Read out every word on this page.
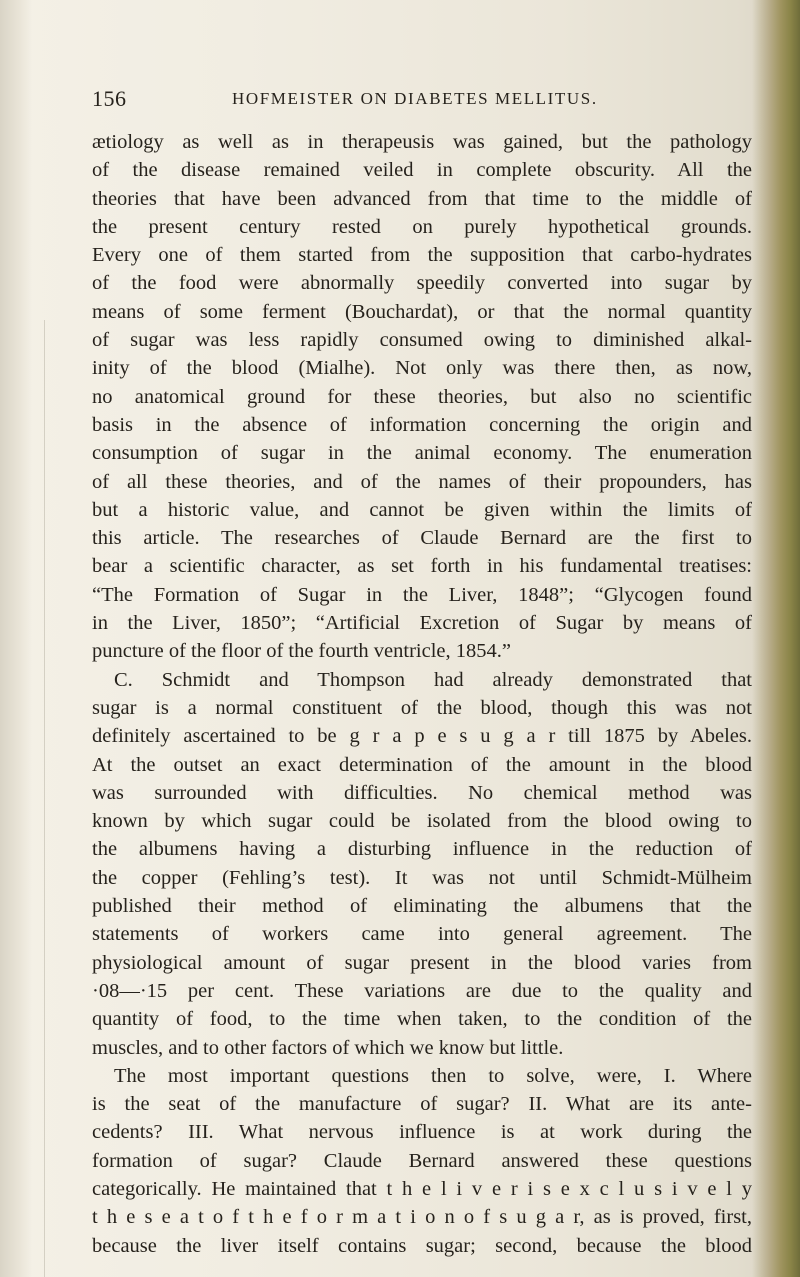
156	HOFMEISTER ON DIABETES MELLITUS.
ætiology as well as in therapeusis was gained, but the pathology
of the disease remained veiled in complete obscurity. All the
theories that have been advanced from that time to the middle of
the present century rested on purely hypothetical grounds.
Every one of them started from the supposition that carbo-hydrates
of the food were abnormally speedily converted into sugar by
means of some ferment (Bouchardat), or that the normal quantity
of sugar was less rapidly consumed owing to diminished alkal-
inity of the blood (Mialhe). Not only was there then, as now,
no anatomical ground for these theories, but also no scientific
basis in the absence of information concerning the origin and
consumption of sugar in the animal economy. The enumeration
of all these theories, and of the names of their propounders, has
but a historic value, and cannot be given within the limits of
this article. The researches of Claude Bernard are the first to
bear a scientific character, as set forth in his fundamental treatises:
“The Formation of Sugar in the Liver, 1848”; “Glycogen found
in the Liver, 1850”; “Artificial Excretion of Sugar by means of
puncture of the floor of the fourth ventricle, 1854.”
C. Schmidt and Thompson had already demonstrated that
sugar is a normal constituent of the blood, though this was not
definitely ascertained to be g r a p e s u g a r till 1875 by Abeles.
At the outset an exact determination of the amount in the blood
was surrounded with difficulties. No chemical method was
known by which sugar could be isolated from the blood owing to
the albumens having a disturbing influence in the reduction of
the copper (Fehling’s test). It was not until Schmidt-Mülheim
published their method of eliminating the albumens that the
statements of workers came into general agreement. The
physiological amount of sugar present in the blood varies from
·08—·15 per cent. These variations are due to the quality and
quantity of food, to the time when taken, to the condition of the
muscles, and to other factors of which we know but little.
The most important questions then to solve, were, I. Where
is the seat of the manufacture of sugar? II. What are its ante-
cedents? III. What nervous influence is at work during the
formation of sugar? Claude Bernard answered these questions
categorically. He maintained that t h e l i v e r i s e x c l u s i v e l y
t h e s e a t o f t h e f o r m a t i o n o f s u g a r, as is proved, first,
because the liver itself contains sugar; second, because the blood
